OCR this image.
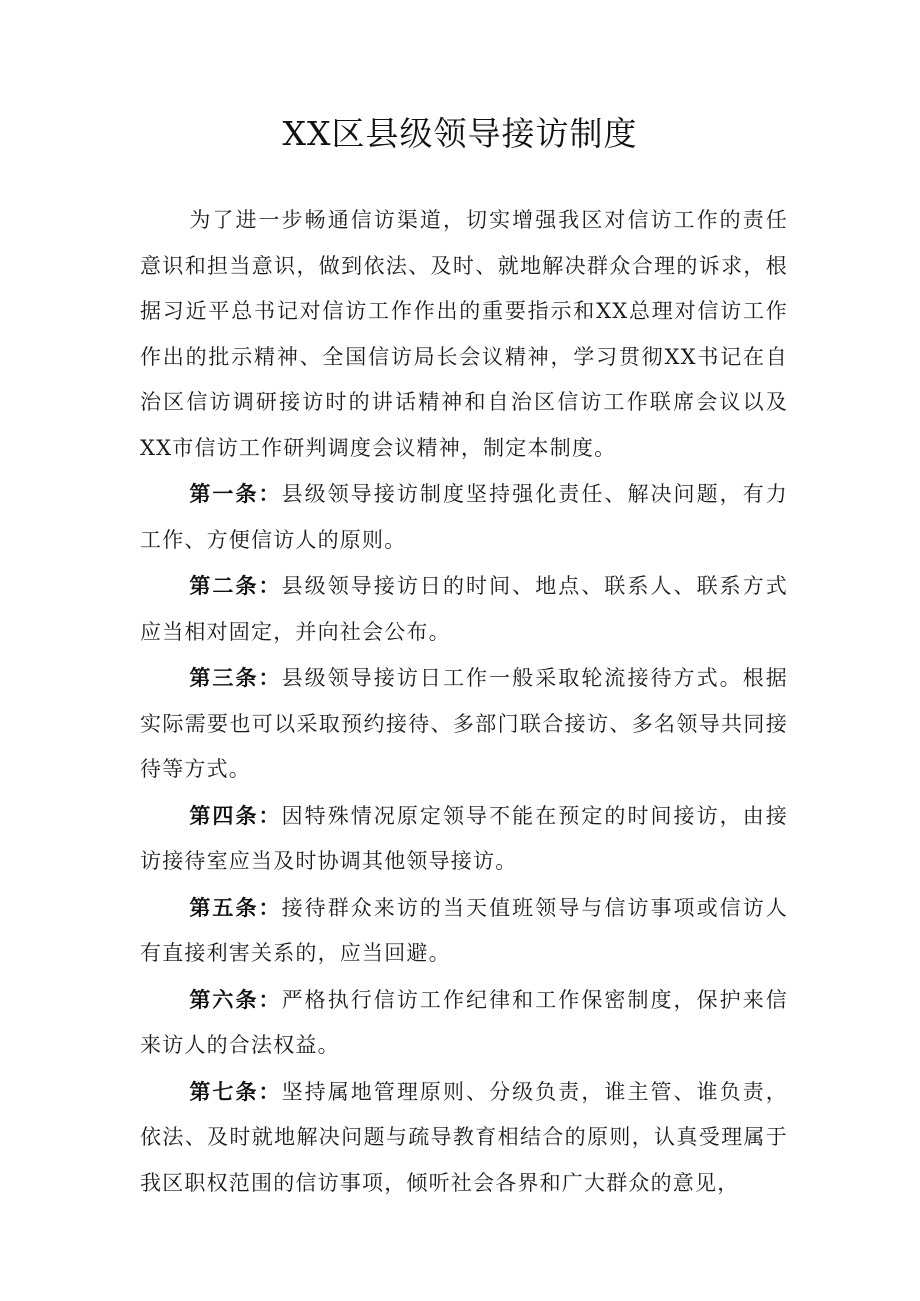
XX区县级领导接访制度

为了进一步畅通信访渠道，切实增强我区对信访工作的责任意识和担当意识，做到依法、及时、就地解决群众合理的诉求，根据习近平总书记对信访工作作出的重要指示和XX总理对信访工作作出的批示精神、全国信访局长会议精神，学习贯彻XX书记在自治区信访调研接访时的讲话精神和自治区信访工作联席会议以及XX市信访工作研判调度会议精神，制定本制度。

第一条：县级领导接访制度坚持强化责任、解决问题，有力工作、方便信访人的原则。

第二条：县级领导接访日的时间、地点、联系人、联系方式应当相对固定，并向社会公布。

第三条：县级领导接访日工作一般采取轮流接待方式。根据实际需要也可以采取预约接待、多部门联合接访、多名领导共同接待等方式。

第四条：因特殊情况原定领导不能在预定的时间接访，由接访接待室应当及时协调其他领导接访。

第五条：接待群众来访的当天值班领导与信访事项或信访人有直接利害关系的，应当回避。

第六条：严格执行信访工作纪律和工作保密制度，保护来信来访人的合法权益。

第七条：坚持属地管理原则、分级负责，谁主管、谁负责，依法、及时就地解决问题与疏导教育相结合的原则，认真受理属于我区职权范围的信访事项，倾听社会各界和广大群众的意见，
